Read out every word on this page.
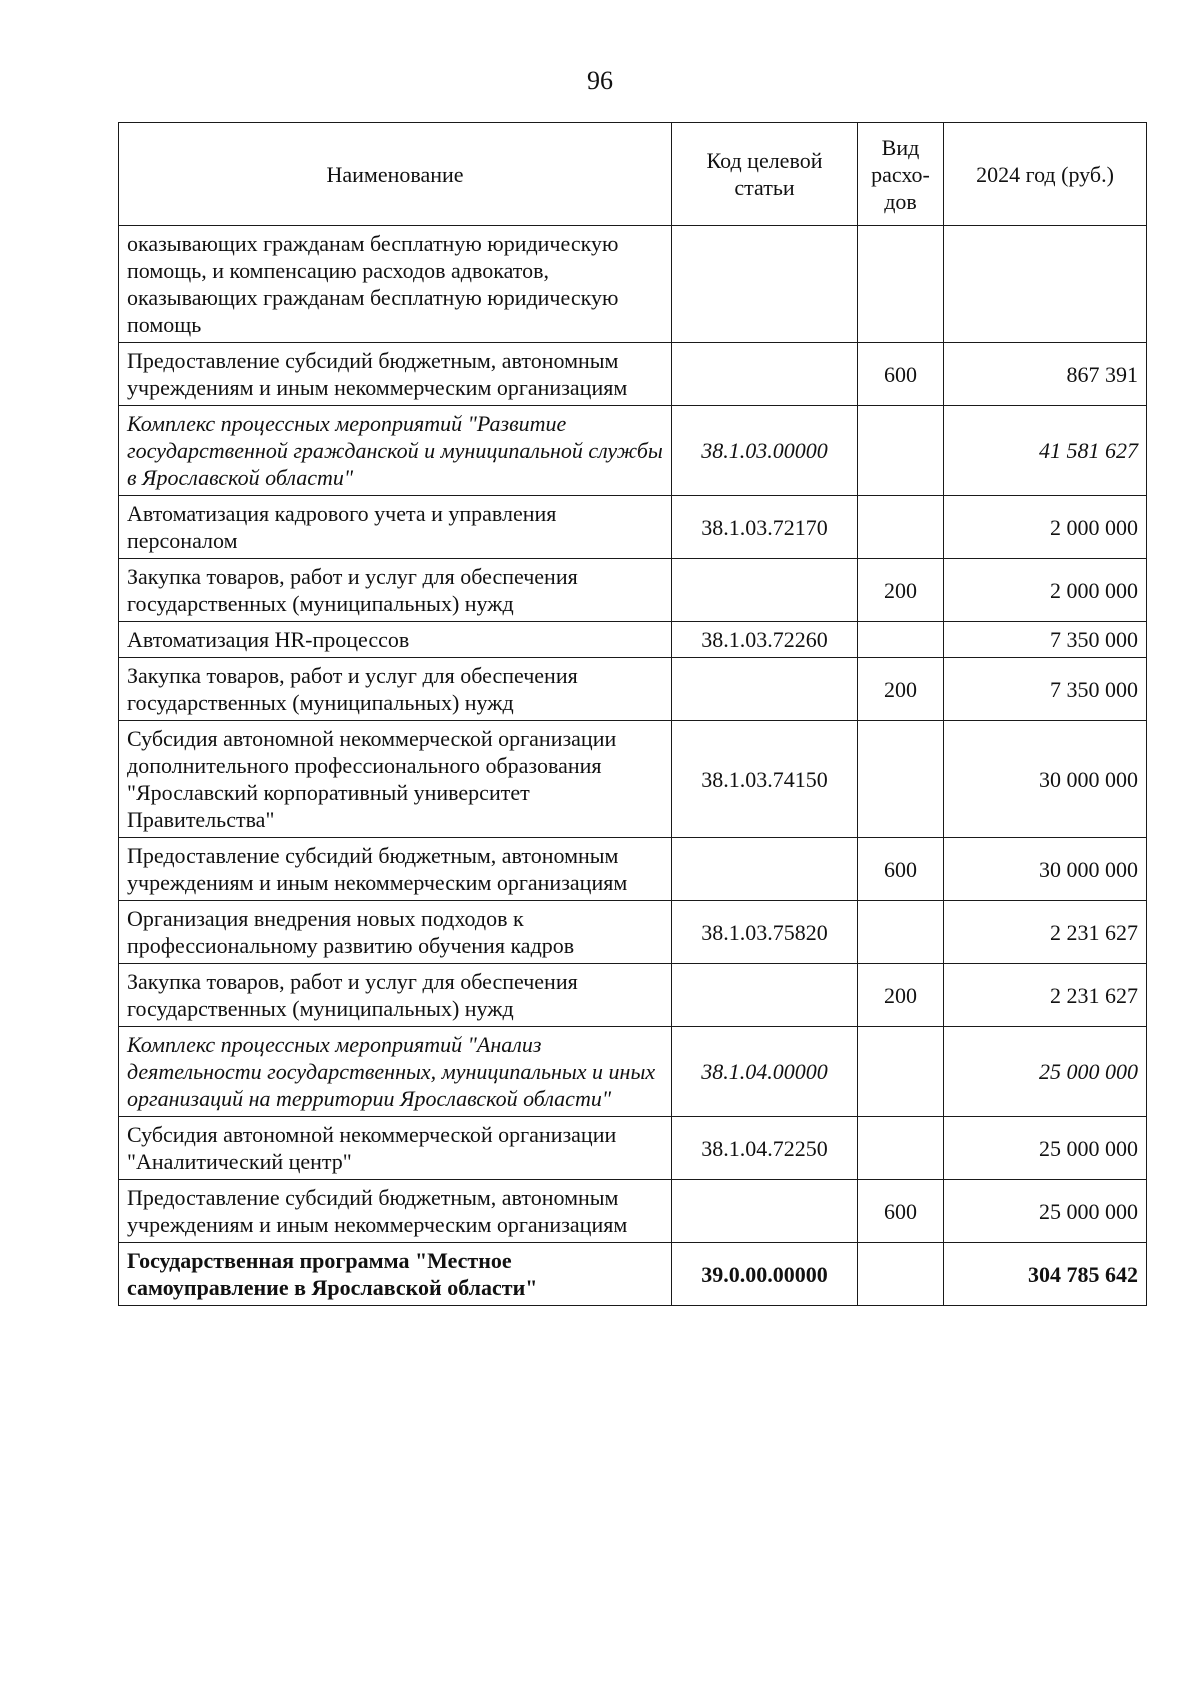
96
Наименование	Код целевой статьи	Вид расхо-дов	2024 год (руб.)
оказывающих гражданам бесплатную юридическую помощь, и компенсацию расходов адвокатов, оказывающих гражданам бесплатную юридическую помощь			
Предоставление субсидий бюджетным, автономным учреждениям и иным некоммерческим организациям		600	867 391
Комплекс процессных мероприятий "Развитие государственной гражданской и муниципальной службы в Ярославской области"	38.1.03.00000		41 581 627
Автоматизация кадрового учета и управления персоналом	38.1.03.72170		2 000 000
Закупка товаров, работ и услуг для обеспечения государственных (муниципальных) нужд		200	2 000 000
Автоматизация HR-процессов	38.1.03.72260		7 350 000
Закупка товаров, работ и услуг для обеспечения государственных (муниципальных) нужд		200	7 350 000
Субсидия автономной некоммерческой организации дополнительного профессионального образования "Ярославский корпоративный университет Правительства"	38.1.03.74150		30 000 000
Предоставление субсидий бюджетным, автономным учреждениям и иным некоммерческим организациям		600	30 000 000
Организация внедрения новых подходов к профессиональному развитию обучения кадров	38.1.03.75820		2 231 627
Закупка товаров, работ и услуг для обеспечения государственных (муниципальных) нужд		200	2 231 627
Комплекс процессных мероприятий "Анализ деятельности государственных, муниципальных и иных организаций на территории Ярославской области"	38.1.04.00000		25 000 000
Субсидия автономной некоммерческой организации "Аналитический центр"	38.1.04.72250		25 000 000
Предоставление субсидий бюджетным, автономным учреждениям и иным некоммерческим организациям		600	25 000 000
Государственная программа "Местное самоуправление в Ярославской области"	39.0.00.00000		304 785 642
